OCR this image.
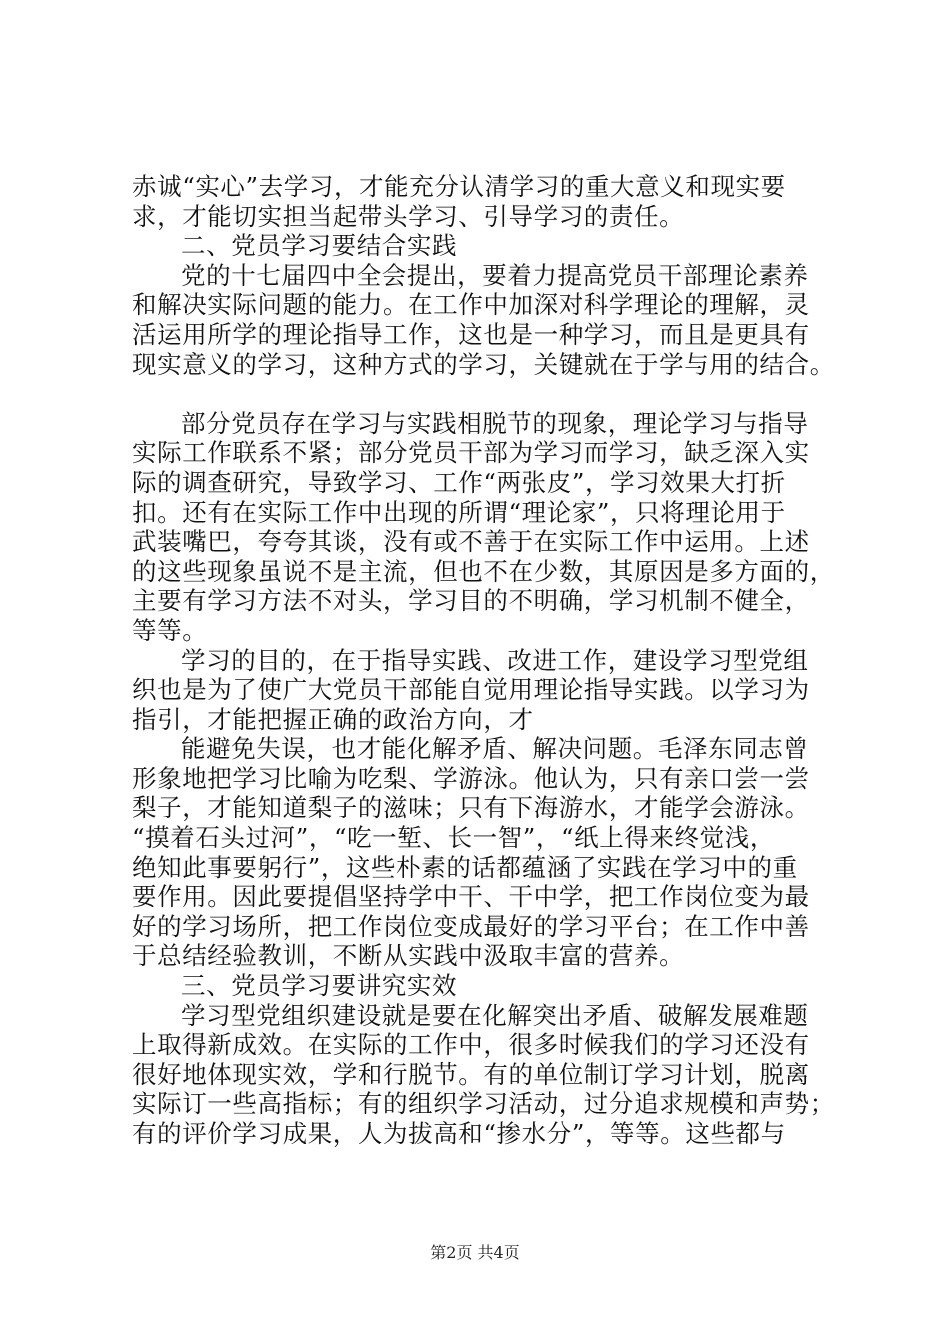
赤诚“实心”去学习，才能充分认清学习的重大意义和现实要
求，才能切实担当起带头学习、引导学习的责任。
二、党员学习要结合实践
党的十七届四中全会提出，要着力提高党员干部理论素养
和解决实际问题的能力。在工作中加深对科学理论的理解，灵
活运用所学的理论指导工作，这也是一种学习，而且是更具有
现实意义的学习，这种方式的学习，关键就在于学与用的结合。
部分党员存在学习与实践相脱节的现象，理论学习与指导
实际工作联系不紧；部分党员干部为学习而学习，缺乏深入实
际的调查研究，导致学习、工作“两张皮”，学习效果大打折
扣。还有在实际工作中出现的所谓“理论家”，只将理论用于
武装嘴巴，夸夸其谈，没有或不善于在实际工作中运用。上述
的这些现象虽说不是主流，但也不在少数，其原因是多方面的，
主要有学习方法不对头，学习目的不明确，学习机制不健全，
等等。
学习的目的，在于指导实践、改进工作，建设学习型党组
织也是为了使广大党员干部能自觉用理论指导实践。以学习为
指引，才能把握正确的政治方向，才
能避免失误，也才能化解矛盾、解决问题。毛泽东同志曾
形象地把学习比喻为吃梨、学游泳。他认为，只有亲口尝一尝
梨子，才能知道梨子的滋味；只有下海游水，才能学会游泳。
“摸着石头过河”，“吃一堑、长一智”，“纸上得来终觉浅，
绝知此事要躬行”，这些朴素的话都蕴涵了实践在学习中的重
要作用。因此要提倡坚持学中干、干中学，把工作岗位变为最
好的学习场所，把工作岗位变成最好的学习平台；在工作中善
于总结经验教训，不断从实践中汲取丰富的营养。
三、党员学习要讲究实效
学习型党组织建设就是要在化解突出矛盾、破解发展难题
上取得新成效。在实际的工作中，很多时候我们的学习还没有
很好地体现实效，学和行脱节。有的单位制订学习计划，脱离
实际订一些高指标；有的组织学习活动，过分追求规模和声势；
有的评价学习成果，人为拔高和“掺水分”，等等。这些都与
第2页 共4页
